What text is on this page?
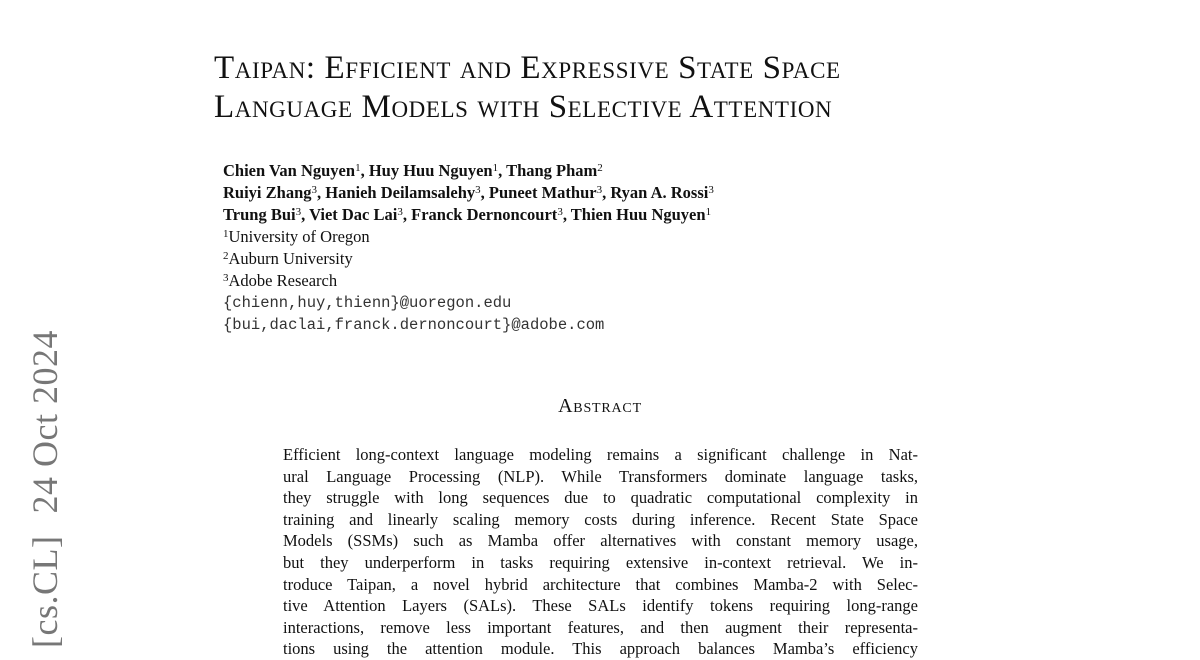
[cs.CL]24 Oct 2024
Taipan: Efficient and Expressive State Space
Language Models with Selective Attention
Chien Van Nguyen$^1$, Huy Huu Nguyen$^1$, Thang Pham$^2$
Ruiyi Zhang$^3$, Hanieh Deilamsalehy$^3$, Puneet Mathur$^3$, Ryan A. Rossi$^3$
Trung Bui$^3$, Viet Dac Lai$^3$, Franck Dernoncourt$^3$, Thien Huu Nguyen$^1$
$^1$University of Oregon
$^2$Auburn University
$^3$Adobe Research
{chienn,huy,thienn}@uoregon.edu
{bui,daclai,franck.dernoncourt}@adobe.com
Abstract
Efficient long-context language modeling remains a significant challenge in Nat-
ural Language Processing (NLP). While Transformers dominate language tasks,
they struggle with long sequences due to quadratic computational complexity in
training and linearly scaling memory costs during inference. Recent State Space
Models (SSMs) such as Mamba offer alternatives with constant memory usage,
but they underperform in tasks requiring extensive in-context retrieval. We in-
troduce Taipan, a novel hybrid architecture that combines Mamba-2 with Selec-
tive Attention Layers (SALs). These SALs identify tokens requiring long-range
interactions, remove less important features, and then augment their representa-
tions using the attention module. This approach balances Mamba’s efficiency
